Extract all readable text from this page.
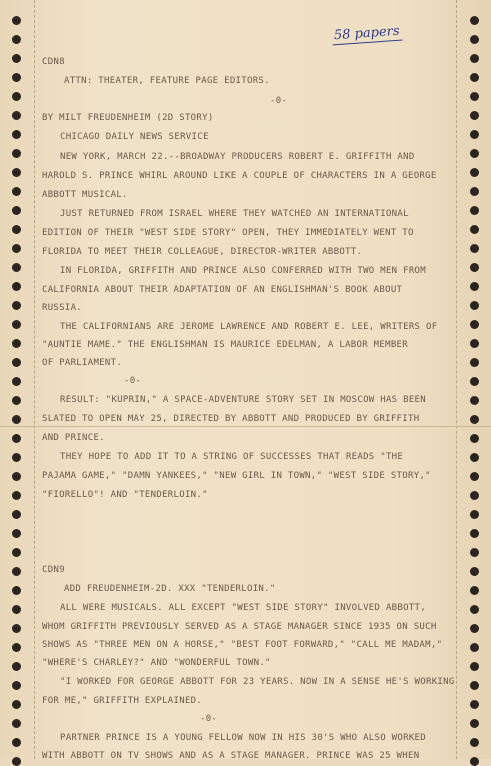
58 papers
CDN8
ATTN: THEATER, FEATURE PAGE EDITORS.
-0-
BY MILT FREUDENHEIM (2D STORY)
CHICAGO DAILY NEWS SERVICE
NEW YORK, MARCH 22.--BROADWAY PRODUCERS ROBERT E. GRIFFITH AND
HAROLD S. PRINCE WHIRL AROUND LIKE A COUPLE OF CHARACTERS IN A GEORGE
ABBOTT MUSICAL.
JUST RETURNED FROM ISRAEL WHERE THEY WATCHED AN INTERNATIONAL
EDITION OF THEIR "WEST SIDE STORY" OPEN, THEY IMMEDIATELY WENT TO
FLORIDA TO MEET THEIR COLLEAGUE, DIRECTOR-WRITER ABBOTT.
IN FLORIDA, GRIFFITH AND PRINCE ALSO CONFERRED WITH TWO MEN FROM
CALIFORNIA ABOUT THEIR ADAPTATION OF AN ENGLISHMAN'S BOOK ABOUT
RUSSIA.
THE CALIFORNIANS ARE JEROME LAWRENCE AND ROBERT E. LEE, WRITERS OF
"AUNTIE MAME." THE ENGLISHMAN IS MAURICE EDELMAN, A LABOR MEMBER
OF PARLIAMENT.
-0-
RESULT: "KUPRIN," A SPACE-ADVENTURE STORY SET IN MOSCOW HAS BEEN
SLATED TO OPEN MAY 25, DIRECTED BY ABBOTT AND PRODUCED BY GRIFFITH
AND PRINCE.
THEY HOPE TO ADD IT TO A STRING OF SUCCESSES THAT READS "THE
PAJAMA GAME," "DAMN YANKEES," "NEW GIRL IN TOWN," "WEST SIDE STORY,"
"FIORELLO"! AND "TENDERLOIN."
CDN9
ADD FREUDENHEIM-2D. XXX "TENDERLOIN."
ALL WERE MUSICALS. ALL EXCEPT "WEST SIDE STORY" INVOLVED ABBOTT,
WHOM GRIFFITH PREVIOUSLY SERVED AS A STAGE MANAGER SINCE 1935 ON SUCH
SHOWS AS "THREE MEN ON A HORSE," "BEST FOOT FORWARD," "CALL ME MADAM,"
"WHERE'S CHARLEY?" AND "WONDERFUL TOWN."
"I WORKED FOR GEORGE ABBOTT FOR 23 YEARS. NOW IN A SENSE HE'S WORKING
FOR ME," GRIFFITH EXPLAINED.
-0-
PARTNER PRINCE IS A YOUNG FELLOW NOW IN HIS 30'S WHO ALSO WORKED
WITH ABBOTT ON TV SHOWS AND AS A STAGE MANAGER. PRINCE WAS 25 WHEN
